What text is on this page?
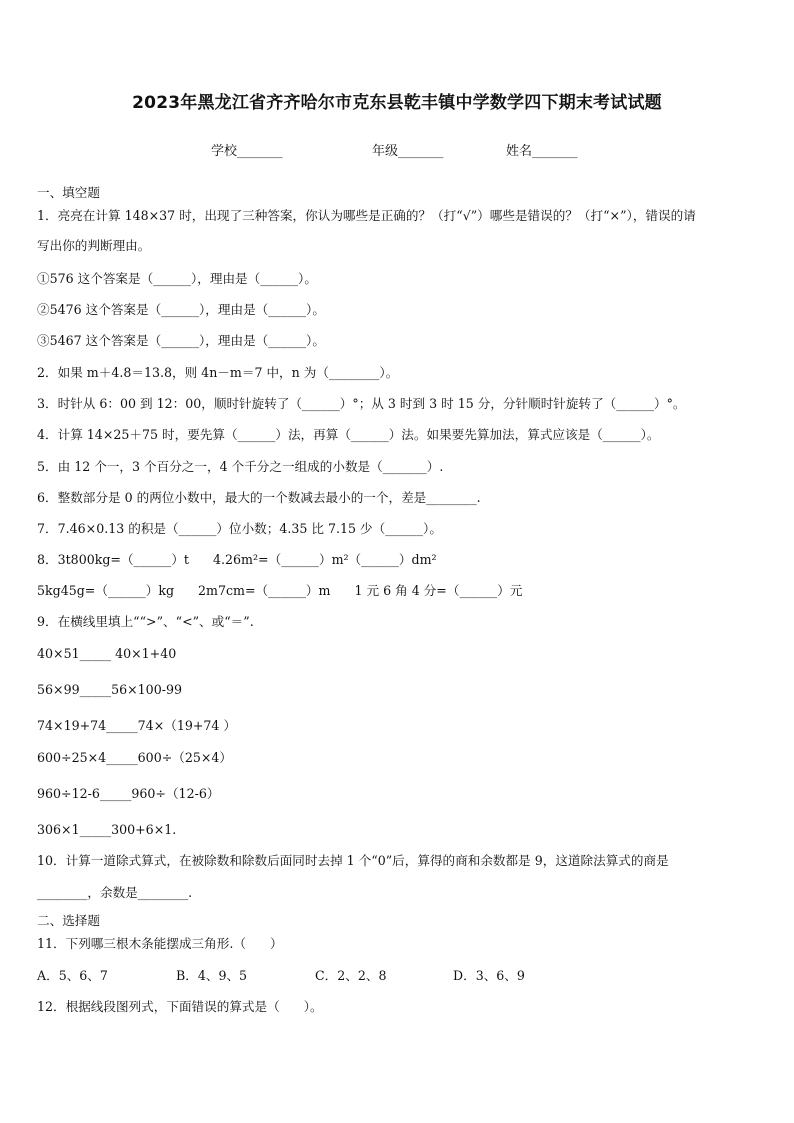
2023年黑龙江省齐齐哈尔市克东县乾丰镇中学数学四下期末考试试题
学校_______	年级_______	姓名_______
一、填空题
1．亮亮在计算 148×37 时，出现了三种答案，你认为哪些是正确的？（打“√”）哪些是错误的？（打“×”），错误的请
写出你的判断理由。
①576 这个答案是（______），理由是（______）。
②5476 这个答案是（______），理由是（______）。
③5467 这个答案是（______），理由是（______）。
2．如果 m＋4.8＝13.8，则 4n－m＝7 中，n 为（________）。
3．时针从 6：00 到 12：00，顺时针旋转了（______）°；从 3 时到 3 时 15 分，分针顺时针旋转了（______）°。
4．计算 14×25＋75 时，要先算（______）法，再算（______）法。如果要先算加法，算式应该是（______）。
5．由 12 个一，3 个百分之一，4 个千分之一组成的小数是（_______）.
6．整数部分是 0 的两位小数中，最大的一个数减去最小的一个，差是________.
7．7.46×0.13 的积是（______）位小数；4.35 比 7.15 少（______）。
8．3t800kg=（______）t      4.26m²=（______）m²（______）dm²
5kg45g=（______）kg      2m7cm=（______）m      1 元 6 角 4 分=（______）元
9．在横线里填上““>”、“<”、或“＝”.
40×51_____ 40×1+40
56×99_____56×100-99
74×19+74_____74×（19+74 ）
600÷25×4_____600÷（25×4）
960÷12-6_____960÷（12-6）
306×1_____300+6×1.
10．计算一道除式算式，在被除数和除数后面同时去掉 1 个“0”后，算得的商和余数都是 9，这道除法算式的商是
________，余数是________.
二、选择题
11．下列哪三根木条能摆成三角形.（      ）
A．5、6、7	B．4、9、5	C．2、2、8	D．3、6、9
12．根据线段图列式，下面错误的算式是（      ）。
